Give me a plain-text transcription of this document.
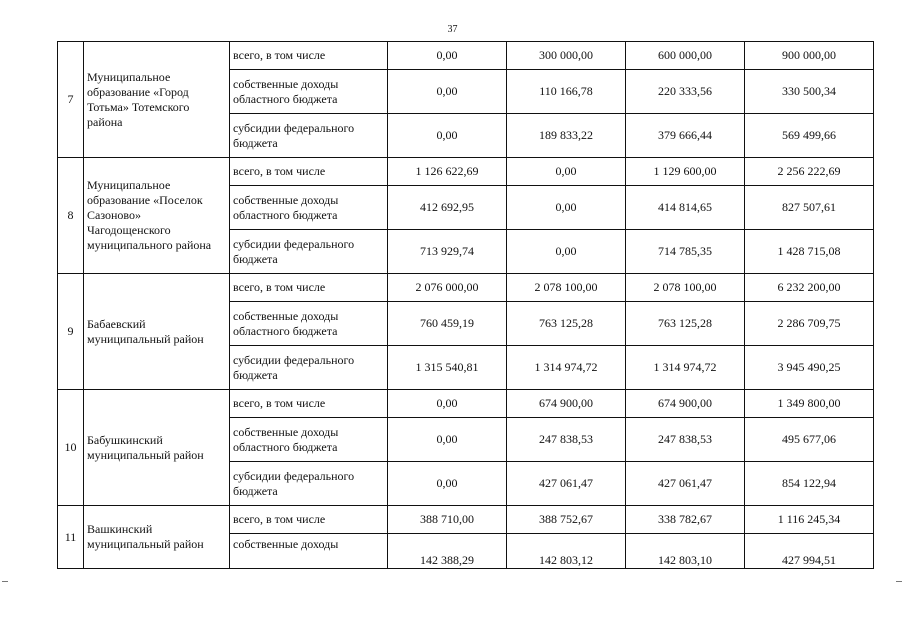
37
7	Муниципальное образование «Город Тотьма» Тотемского района	всего, в том числе	0,00	300 000,00	600 000,00	900 000,00
		собственные доходы областного бюджета	0,00	110 166,78	220 333,56	330 500,34
		субсидии федерального бюджета	0,00	189 833,22	379 666,44	569 499,66
8	Муниципальное образование «Поселок Сазоново» Чагодощенского муниципального района	всего, в том числе	1 126 622,69	0,00	1 129 600,00	2 256 222,69
		собственные доходы областного бюджета	412 692,95	0,00	414 814,65	827 507,61
		субсидии федерального бюджета	713 929,74	0,00	714 785,35	1 428 715,08
9	Бабаевский муниципальный район	всего, в том числе	2 076 000,00	2 078 100,00	2 078 100,00	6 232 200,00
		собственные доходы областного бюджета	760 459,19	763 125,28	763 125,28	2 286 709,75
		субсидии федерального бюджета	1 315 540,81	1 314 974,72	1 314 974,72	3 945 490,25
10	Бабушкинский муниципальный район	всего, в том числе	0,00	674 900,00	674 900,00	1 349 800,00
		собственные доходы областного бюджета	0,00	247 838,53	247 838,53	495 677,06
		субсидии федерального бюджета	0,00	427 061,47	427 061,47	854 122,94
11	Вашкинский муниципальный район	всего, в том числе	388 710,00	388 752,67	338 782,67	1 116 245,34
		собственные доходы	142 388,29	142 803,12	142 803,10	427 994,51
